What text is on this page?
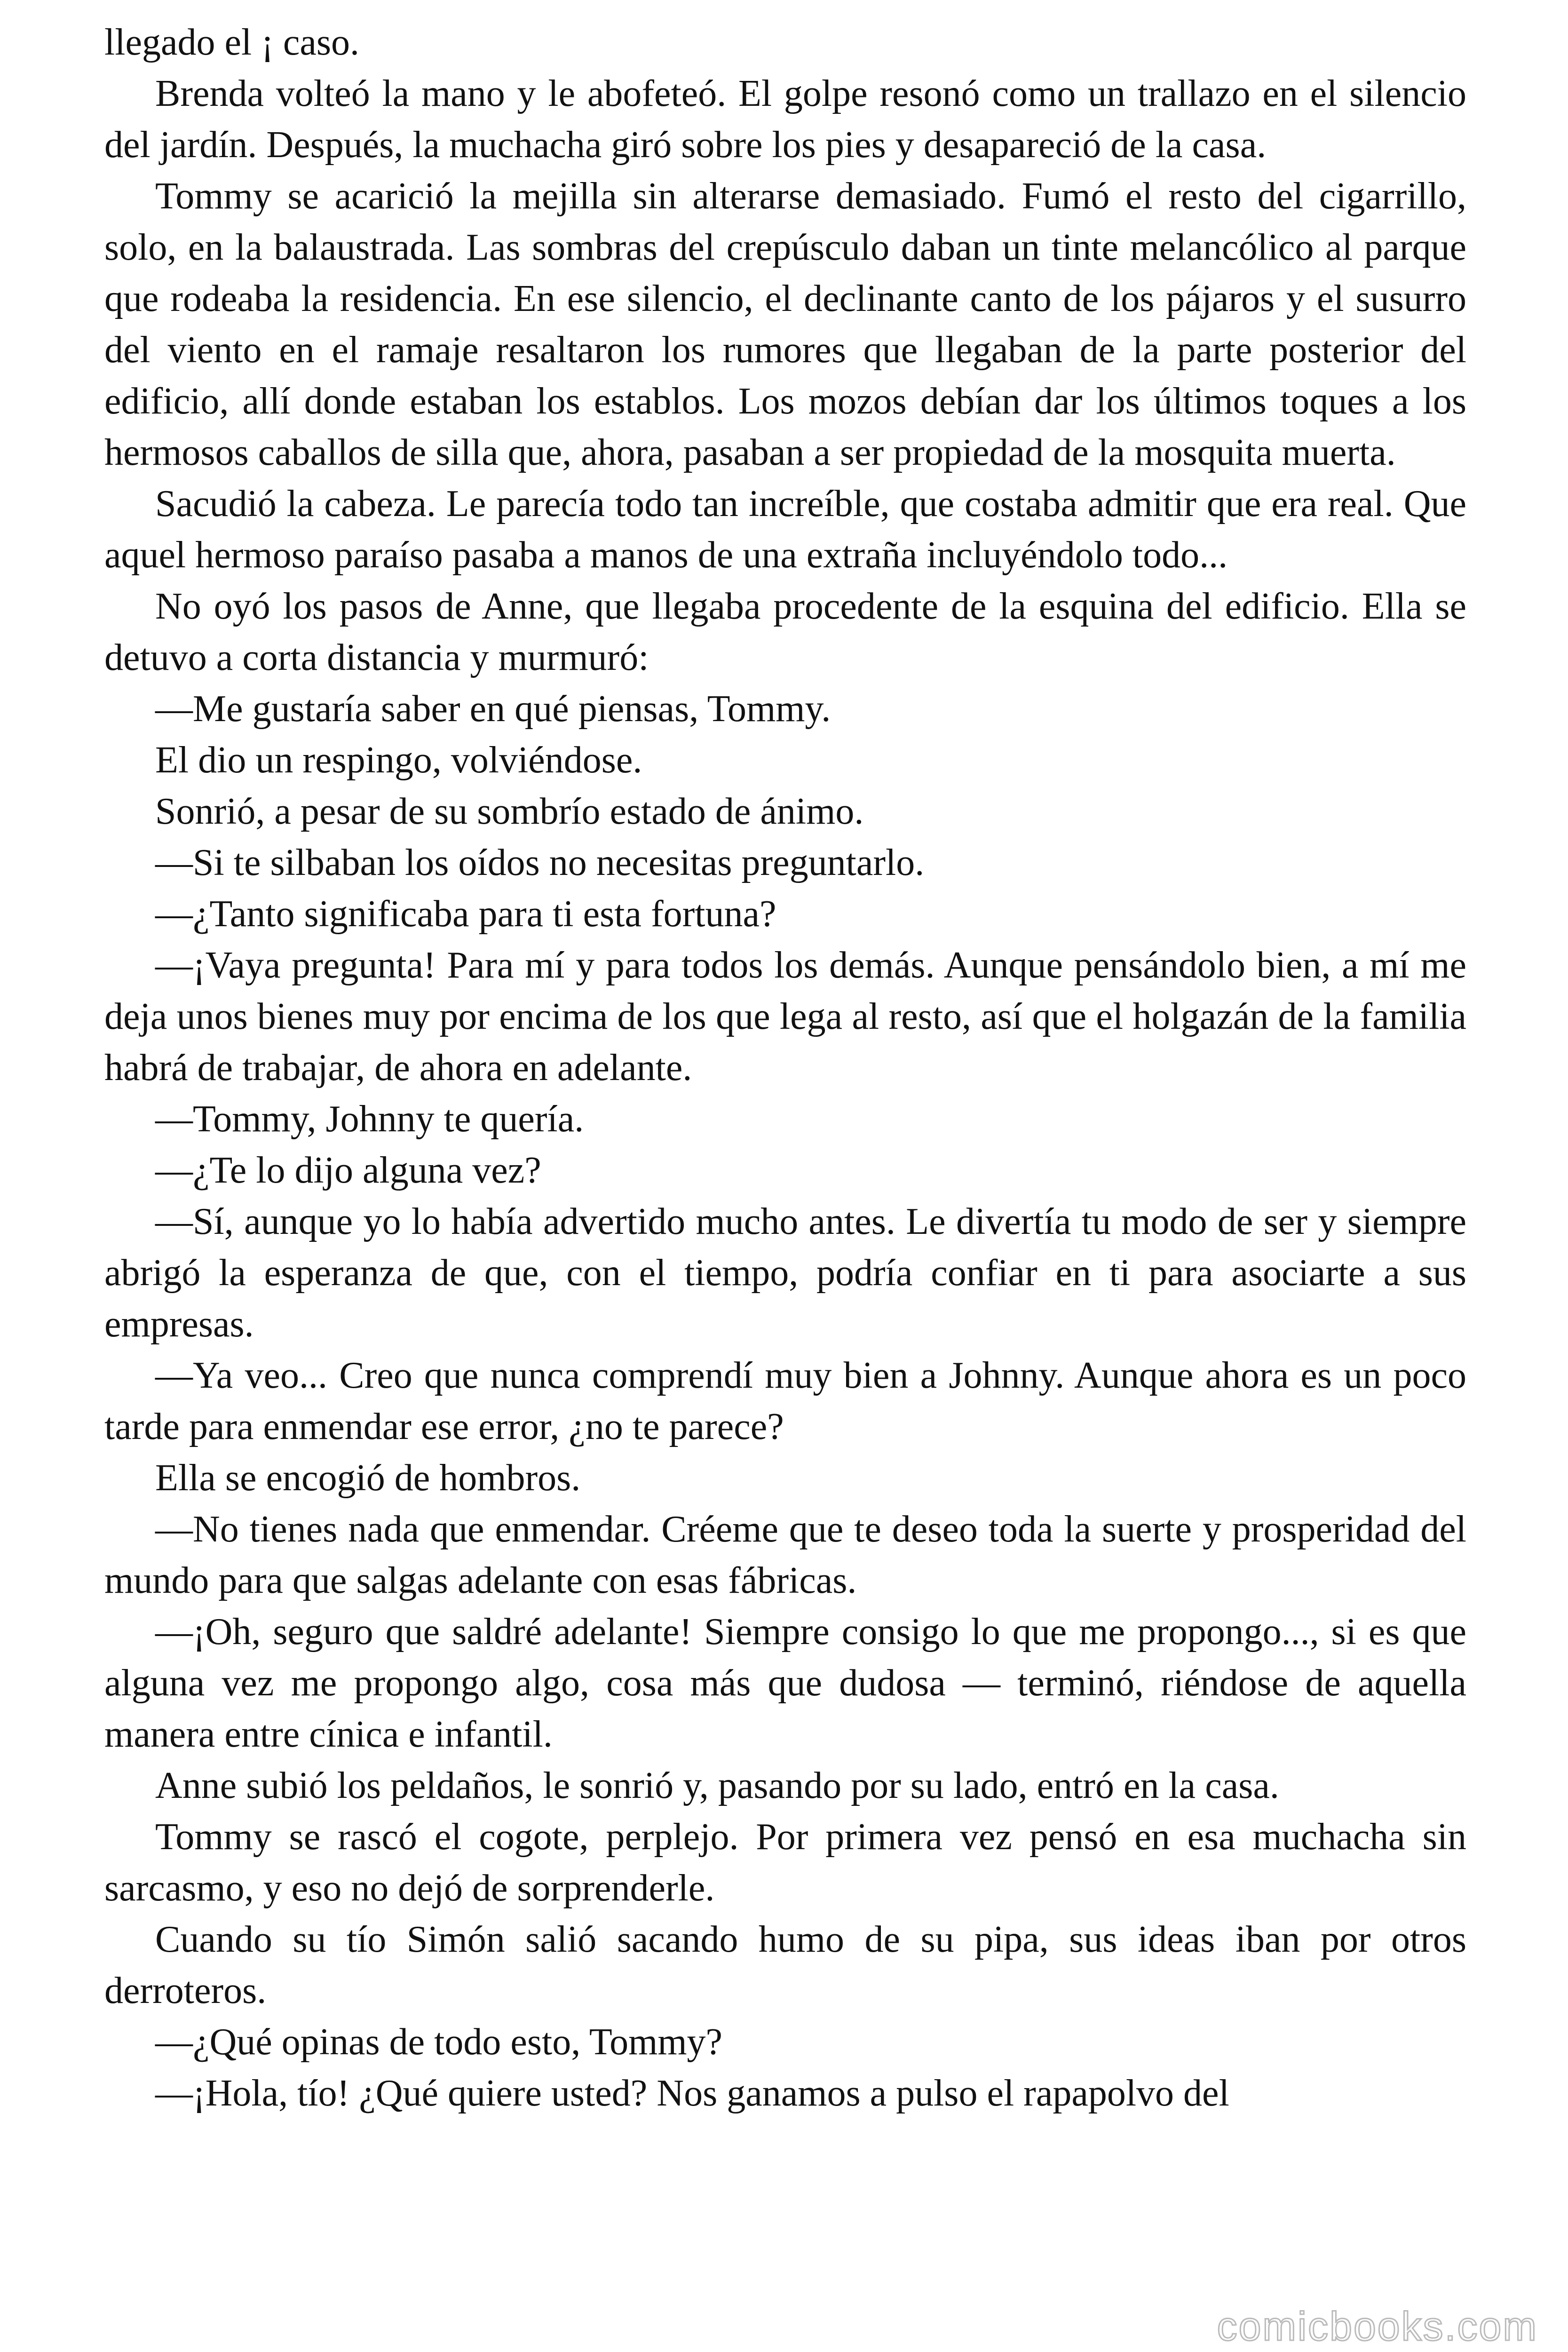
llegado el ¡ caso.

Brenda volteó la mano y le abofeteó. El golpe resonó como un trallazo en el silencio del jardín. Después, la muchacha giró sobre los pies y desapareció de la casa.

Tommy se acarició la mejilla sin alterarse demasiado. Fumó el resto del cigarrillo, solo, en la balaustrada. Las sombras del crepúsculo daban un tinte melancólico al parque que rodeaba la residencia. En ese silencio, el declinante canto de los pájaros y el susurro del viento en el ramaje resaltaron los rumores que llegaban de la parte posterior del edificio, allí donde estaban los establos. Los mozos debían dar los últimos toques a los hermosos caballos de silla que, ahora, pasaban a ser propiedad de la mosquita muerta.

Sacudió la cabeza. Le parecía todo tan increíble, que costaba admitir que era real. Que aquel hermoso paraíso pasaba a manos de una extraña incluyéndolo todo...

No oyó los pasos de Anne, que llegaba procedente de la esquina del edificio. Ella se detuvo a corta distancia y murmuró:

—Me gustaría saber en qué piensas, Tommy.

El dio un respingo, volviéndose.

Sonrió, a pesar de su sombrío estado de ánimo.

—Si te silbaban los oídos no necesitas preguntarlo.

—¿Tanto significaba para ti esta fortuna?

—¡Vaya pregunta! Para mí y para todos los demás. Aunque pensándolo bien, a mí me deja unos bienes muy por encima de los que lega al resto, así que el holgazán de la familia habrá de trabajar, de ahora en adelante.

—Tommy, Johnny te quería.

—¿Te lo dijo alguna vez?

—Sí, aunque yo lo había advertido mucho antes. Le divertía tu modo de ser y siempre abrigó la esperanza de que, con el tiempo, podría confiar en ti para asociarte a sus empresas.

—Ya veo... Creo que nunca comprendí muy bien a Johnny. Aunque ahora es un poco tarde para enmendar ese error, ¿no te parece?

Ella se encogió de hombros.

—No tienes nada que enmendar. Créeme que te deseo toda la suerte y prosperidad del mundo para que salgas adelante con esas fábricas.

—¡Oh, seguro que saldré adelante! Siempre consigo lo que me propongo..., si es que alguna vez me propongo algo, cosa más que dudosa — terminó, riéndose de aquella manera entre cínica e infantil.

Anne subió los peldaños, le sonrió y, pasando por su lado, entró en la casa.

Tommy se rascó el cogote, perplejo. Por primera vez pensó en esa muchacha sin sarcasmo, y eso no dejó de sorprenderle.

Cuando su tío Simón salió sacando humo de su pipa, sus ideas iban por otros derroteros.

—¿Qué opinas de todo esto, Tommy?

—¡Hola, tío! ¿Qué quiere usted? Nos ganamos a pulso el rapapolvo del

comicbooks.com
